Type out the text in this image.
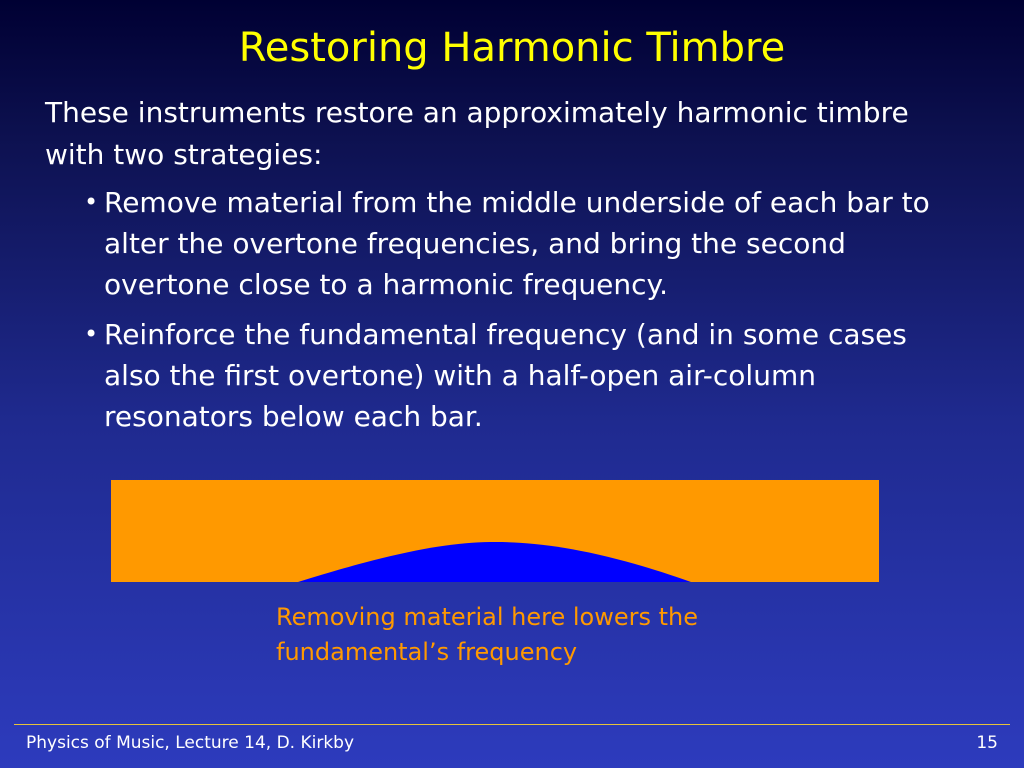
Restoring Harmonic Timbre
These instruments restore an approximately harmonic timbre with two strategies:
• Remove material from the middle underside of each bar to alter the overtone frequencies, and bring the second overtone close to a harmonic frequency.
• Reinforce the fundamental frequency (and in some cases also the first overtone) with a half-open air-column resonators below each bar.
Removing material here lowers the fundamental’s frequency
Physics of Music, Lecture 14, D. Kirkby	15
